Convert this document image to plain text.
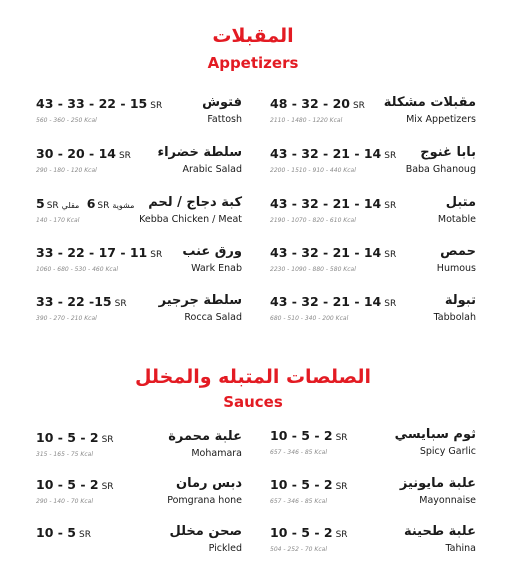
المقبلات
Appetizers
43 - 33 - 22 - 15 SR	فتوش
560 - 360 - 250 Kcal	Fattosh
48 - 32 - 20 SR مقبلات مشكلة
2110 - 1480 - 1220 Kcal	Mix Appetizers
30 - 20 - 14 SR سلطة خضراء
290 - 180 - 120 Kcal	Arabic Salad
43 - 32 - 21 - 14 SR بابا غنوج
2200 - 1510 - 910 - 440 Kcal	Baba Ghanoug
5 SR مقلي 6 SR مشوية كبة دجاج / لحم
140 - 170 Kcal	Kebba Chicken / Meat
43 - 32 - 21 - 14 SR	متبل
2190 - 1070 - 820 - 610 Kcal	Motable
33 - 22 - 17 - 11 SR ورق عنب
1060 - 680 - 530 - 460 Kcal	Wark Enab
43 - 32 - 21 - 14 SR	حمص
2230 - 1090 - 880 - 580 Kcal	Humous
33 - 22 -15 SR سلطة جرجير
390 - 270 - 210 Kcal	Rocca Salad
43 - 32 - 21 - 14 SR	تبولة
680 - 510 - 340 - 200 Kcal	Tabbolah
الصلصات المتبله والمخلل
Sauces
10 - 5 - 2 SR	علبة محمرة
315 - 165 - 75 Kcal	Mohamara
10 - 5 - 2 SR	ثوم سبايسي
657 - 346 - 85 Kcal	Spicy Garlic
10 - 5 - 2 SR	دبس رمان
290 - 140 - 70 Kcal	Pomgrana hone
10 - 5 - 2 SR	علبة مايونيز
657 - 346 - 85 Kcal	Mayonnaise
10 - 5 SR	صحن مخلل
Pickled
10 - 5 - 2 SR	علبة طحينة
504 - 252 - 70 Kcal	Tahina
